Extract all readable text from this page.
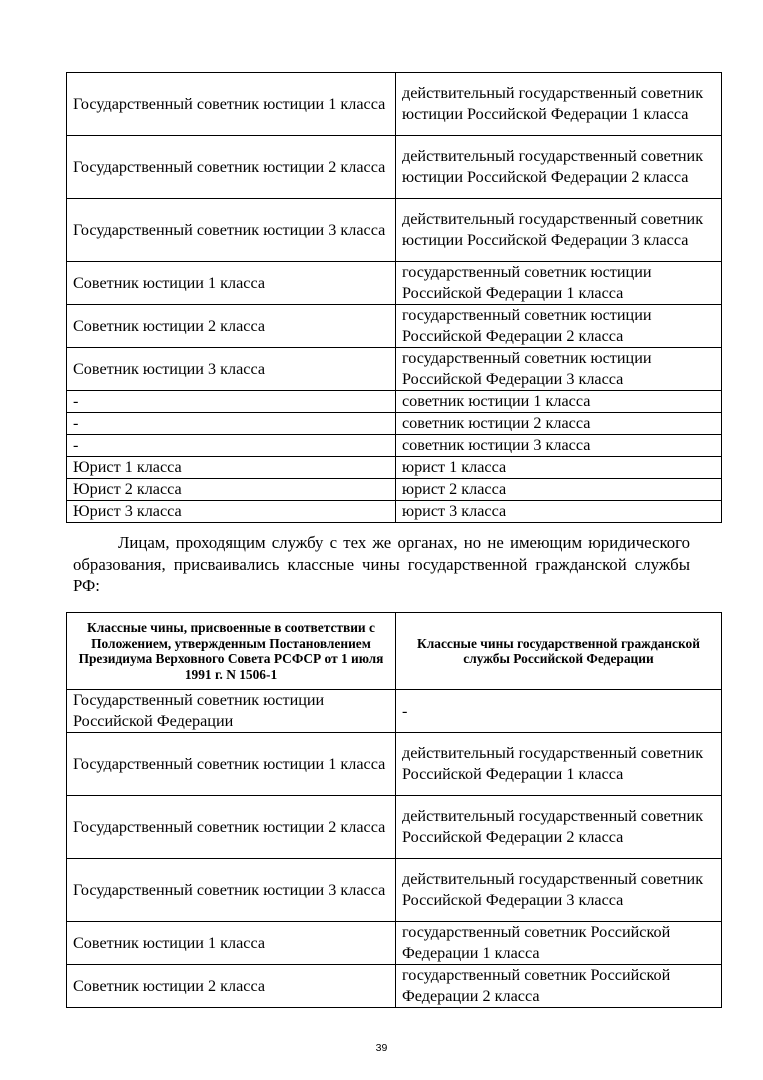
Государственный советник юстиции 1 класса	действительный государственный советник юстиции Российской Федерации 1 класса
Государственный советник юстиции 2 класса	действительный государственный советник юстиции Российской Федерации 2 класса
Государственный советник юстиции 3 класса	действительный государственный советник юстиции Российской Федерации 3 класса
Советник юстиции 1 класса	государственный советник юстиции Российской Федерации 1 класса
Советник юстиции 2 класса	государственный советник юстиции Российской Федерации 2 класса
Советник юстиции 3 класса	государственный советник юстиции Российской Федерации 3 класса
-	советник юстиции 1 класса
-	советник юстиции 2 класса
-	советник юстиции 3 класса
Юрист 1 класса	юрист 1 класса
Юрист 2 класса	юрист 2 класса
Юрист 3 класса	юрист 3 класса

Лицам, проходящим службу с тех же органах, но не имеющим юридического образования, присваивались классные чины государственной гражданской службы РФ:

Классные чины, присвоенные в соответствии с Положением, утвержденным Постановлением Президиума Верховного Совета РСФСР от 1 июля 1991 г. N 1506-1	Классные чины государственной гражданской службы Российской Федерации
Государственный советник юстиции Российской Федерации	-
Государственный советник юстиции 1 класса	действительный государственный советник Российской Федерации 1 класса
Государственный советник юстиции 2 класса	действительный государственный советник Российской Федерации 2 класса
Государственный советник юстиции 3 класса	действительный государственный советник Российской Федерации 3 класса
Советник юстиции 1 класса	государственный советник Российской Федерации 1 класса
Советник юстиции 2 класса	государственный советник Российской Федерации 2 класса
39
